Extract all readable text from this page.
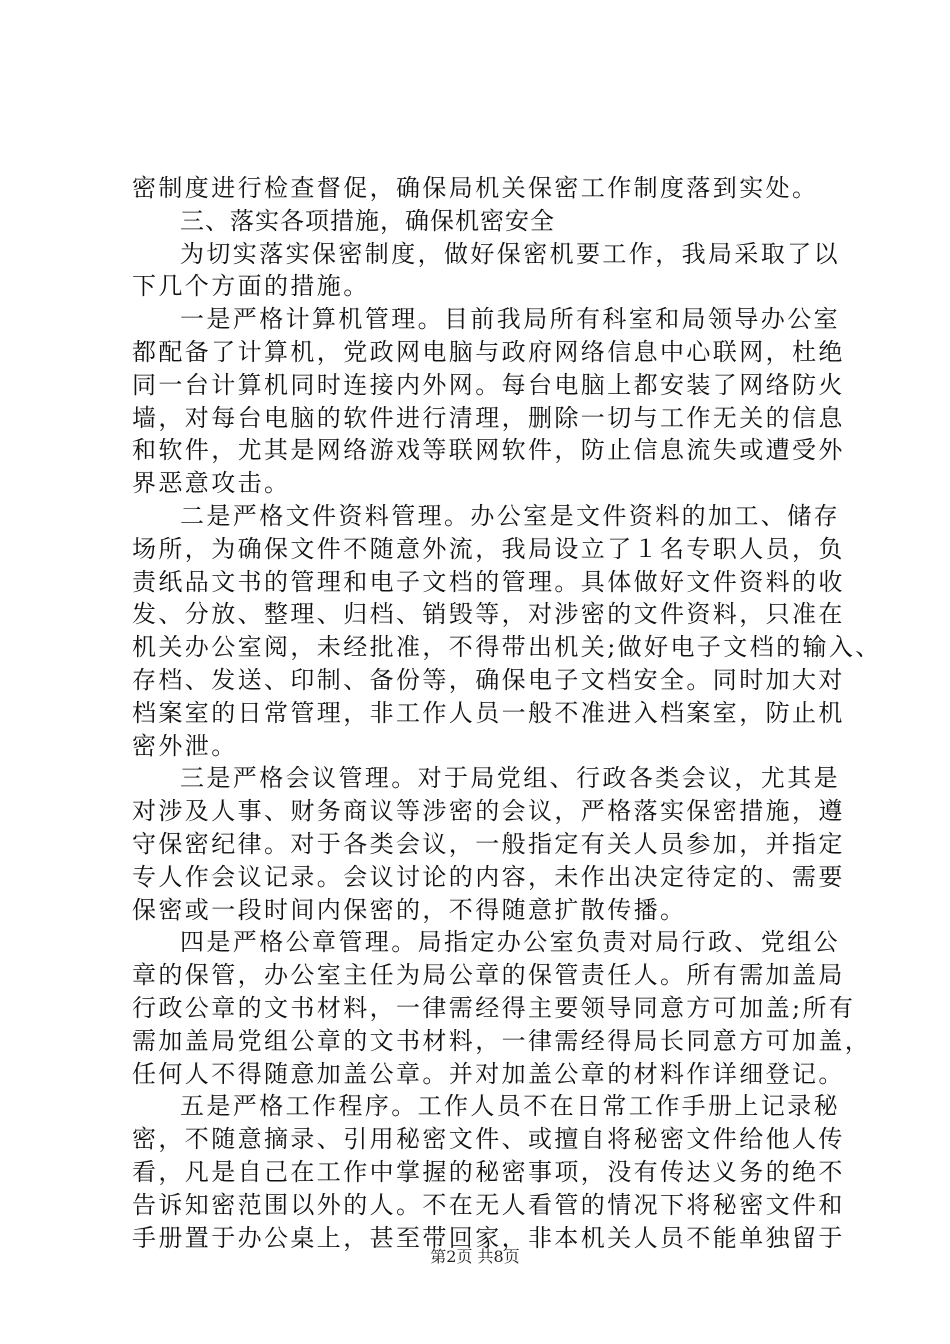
密制度进行检查督促，确保局机关保密工作制度落到实处。
三、落实各项措施，确保机密安全
为切实落实保密制度，做好保密机要工作，我局采取了以
下几个方面的措施。
一是严格计算机管理。目前我局所有科室和局领导办公室
都配备了计算机，党政网电脑与政府网络信息中心联网，杜绝
同一台计算机同时连接内外网。每台电脑上都安装了网络防火
墙，对每台电脑的软件进行清理，删除一切与工作无关的信息
和软件，尤其是网络游戏等联网软件，防止信息流失或遭受外
界恶意攻击。
二是严格文件资料管理。办公室是文件资料的加工、储存
场所，为确保文件不随意外流，我局设立了１名专职人员，负
责纸品文书的管理和电子文档的管理。具体做好文件资料的收
发、分放、整理、归档、销毁等，对涉密的文件资料，只准在
机关办公室阅，未经批准，不得带出机关;做好电子文档的输入、
存档、发送、印制、备份等，确保电子文档安全。同时加大对
档案室的日常管理，非工作人员一般不准进入档案室，防止机
密外泄。
三是严格会议管理。对于局党组、行政各类会议，尤其是
对涉及人事、财务商议等涉密的会议，严格落实保密措施，遵
守保密纪律。对于各类会议，一般指定有关人员参加，并指定
专人作会议记录。会议讨论的内容，未作出决定待定的、需要
保密或一段时间内保密的，不得随意扩散传播。
四是严格公章管理。局指定办公室负责对局行政、党组公
章的保管，办公室主任为局公章的保管责任人。所有需加盖局
行政公章的文书材料，一律需经得主要领导同意方可加盖;所有
需加盖局党组公章的文书材料，一律需经得局长同意方可加盖，
任何人不得随意加盖公章。并对加盖公章的材料作详细登记。
五是严格工作程序。工作人员不在日常工作手册上记录秘
密，不随意摘录、引用秘密文件、或擅自将秘密文件给他人传
看，凡是自己在工作中掌握的秘密事项，没有传达义务的绝不
告诉知密范围以外的人。不在无人看管的情况下将秘密文件和
手册置于办公桌上，甚至带回家，非本机关人员不能单独留于
第2页 共8页
